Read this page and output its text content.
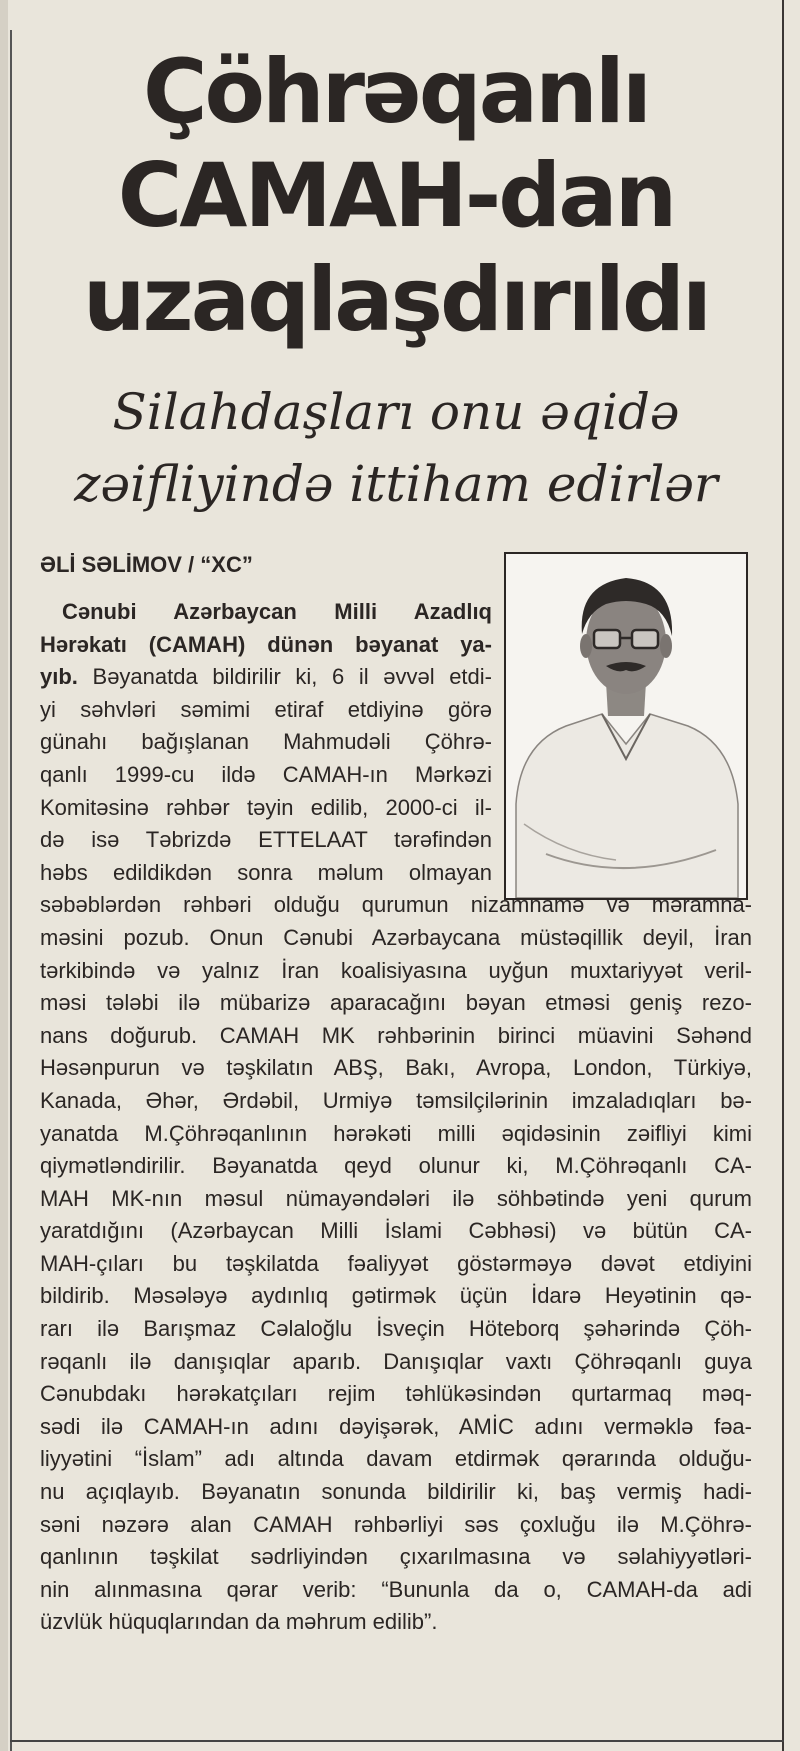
Çöhrəqanlı
CAMAH-dan
uzaqlaşdırıldı
Silahdaşları onu əqidə
zəifliyində ittiham edirlər
ƏLİ SƏLİMOV / “XC”
Cənubi Azərbaycan Milli Azadlıq
Hərəkatı (CAMAH) dünən bəyanat ya-
yıb. Bəyanatda bildirilir ki, 6 il əvvəl etdi-
yi səhvləri səmimi etiraf etdiyinə görə
günahı bağışlanan Mahmudəli Çöhrə-
qanlı 1999-cu ildə CAMAH-ın Mərkəzi
Komitəsinə rəhbər təyin edilib, 2000-ci il-
də isə Təbrizdə ETTELAAT tərəfindən
həbs edildikdən sonra məlum olmayan
səbəblərdən rəhbəri olduğu qurumun nizamnamə və məramna-
məsini pozub. Onun Cənubi Azərbaycana müstəqillik deyil, İran
tərkibində və yalnız İran koalisiyasına uyğun muxtariyyət veril-
məsi tələbi ilə mübarizə aparacağını bəyan etməsi geniş rezo-
nans doğurub. CAMAH MK rəhbərinin birinci müavini Səhənd
Həsənpurun və təşkilatın ABŞ, Bakı, Avropa, London, Türkiyə,
Kanada, Əhər, Ərdəbil, Urmiyə təmsilçilərinin imzaladıqları bə-
yanatda M.Çöhrəqanlının hərəkəti milli əqidəsinin zəifliyi kimi
qiymətləndirilir. Bəyanatda qeyd olunur ki, M.Çöhrəqanlı CA-
MAH MK-nın məsul nümayəndələri ilə söhbətində yeni qurum
yaratdığını (Azərbaycan Milli İslami Cəbhəsi) və bütün CA-
MAH-çıları bu təşkilatda fəaliyyət göstərməyə dəvət etdiyini
bildirib. Məsələyə aydınlıq gətirmək üçün İdarə Heyətinin qə-
rarı ilə Barışmaz Cəlaloğlu İsveçin Höteborq şəhərində Çöh-
rəqanlı ilə danışıqlar aparıb. Danışıqlar vaxtı Çöhrəqanlı guya
Cənubdakı hərəkatçıları rejim təhlükəsindən qurtarmaq məq-
sədi ilə CAMAH-ın adını dəyişərək, AMİC adını verməklə fəa-
liyyətini “İslam” adı altında davam etdirmək qərarında olduğu-
nu açıqlayıb. Bəyanatın sonunda bildirilir ki, baş vermiş hadi-
səni nəzərə alan CAMAH rəhbərliyi səs çoxluğu ilə M.Çöhrə-
qanlının təşkilat sədrliyindən çıxarılmasına və səlahiyyətləri-
nin alınmasına qərar verib: “Bununla da o, CAMAH-da adi
üzvlük hüquqlarından da məhrum edilib”.
